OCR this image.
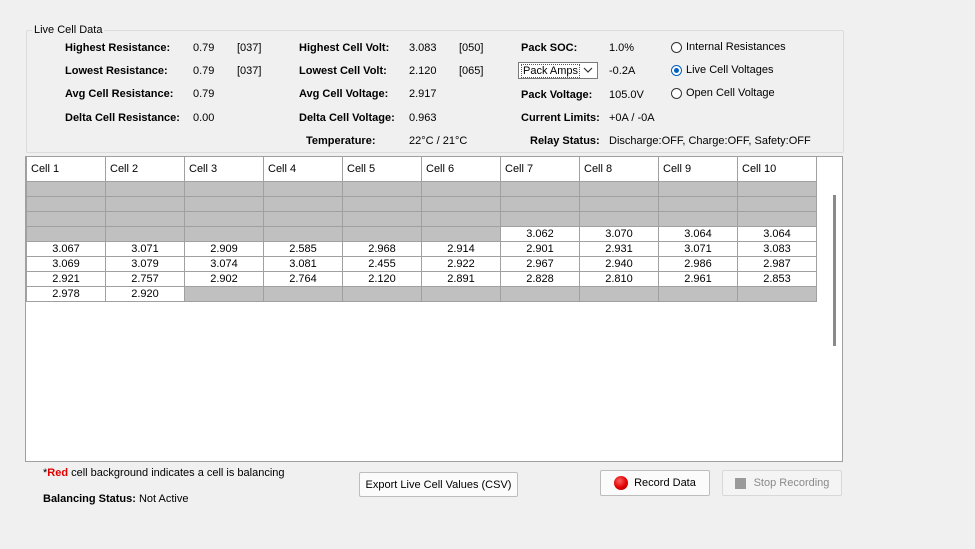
Live Cell Data
Highest Resistance: 0.79 [037]
Lowest Resistance: 0.79 [037]
Avg Cell Resistance: 0.79
Delta Cell Resistance: 0.00
Highest Cell Volt: 3.083 [050]
Lowest Cell Volt: 2.120 [065]
Avg Cell Voltage: 2.917
Delta Cell Voltage: 0.963
Temperature:	22°C / 21°C
Pack SOC:	1.0%
Pack Amps	-0.2A
Pack Voltage: 105.0V
Current Limits: +0A / -0A
Relay Status: Discharge:OFF, Charge:OFF, Safety:OFF
Internal Resistances
Live Cell Voltages
Open Cell Voltage
Cell 1	Cell 2	Cell 3	Cell 4	Cell 5	Cell 6	Cell 7	Cell 8	Cell 9	Cell 10

						3.062	3.070	3.064	3.064
3.067	3.071	2.909	2.585	2.968	2.914	2.901	2.931	3.071	3.083
3.069	3.079	3.074	3.081	2.455	2.922	2.967	2.940	2.986	2.987
2.921	2.757	2.902	2.764	2.120	2.891	2.828	2.810	2.961	2.853
2.978	2.920								
*Red cell background indicates a cell is balancing
Balancing Status: Not Active
Export Live Cell Values (CSV)	Record Data	Stop Recording
